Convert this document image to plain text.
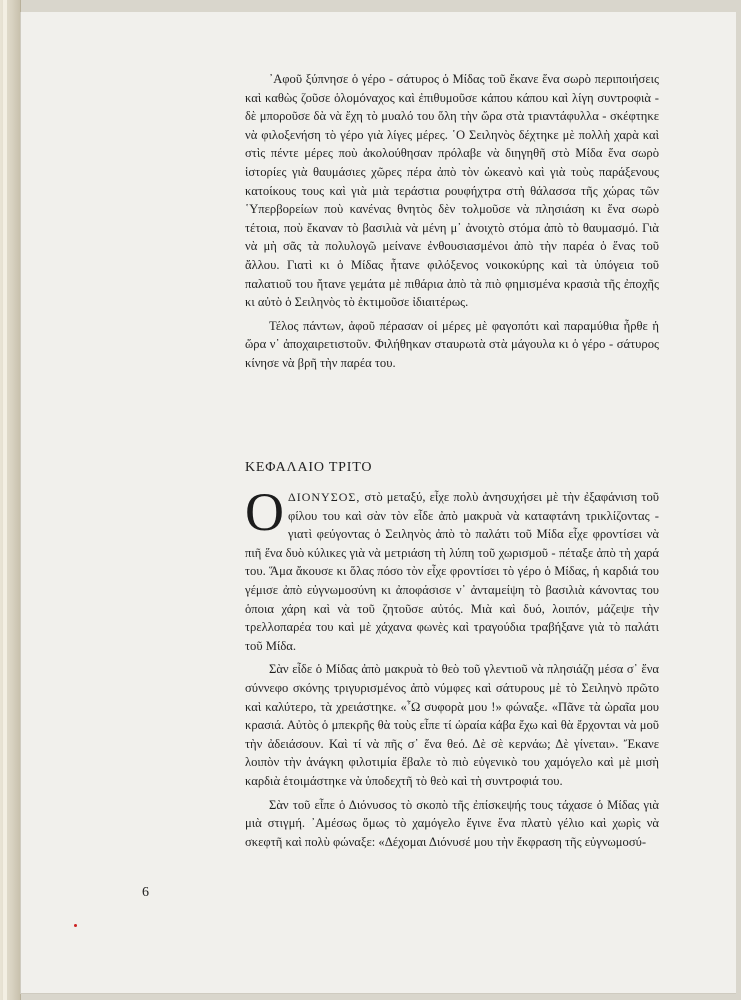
᾿Αφοῦ ξύπνησε ὁ γέρο - σάτυρος ὁ Μίδας τοῦ ἔκανε ἕνα σωρὸ περιποιήσεις καὶ καθὼς ζοῦσε ὁλομόναχος καὶ ἐπιθυμοῦσε κάπου κάπου καὶ λίγη συντροφιὰ - δὲ μποροῦσε δὰ νὰ ἔχη τὸ μυαλό του ὅλη τὴν ὥρα στὰ τριαντάφυλλα - σκέφτηκε νὰ φιλοξενήση τὸ γέρο γιὰ λίγες μέρες. ῾Ο Σειληνὸς δέχτηκε μὲ πολλὴ χαρὰ καὶ στὶς πέντε μέρες ποὺ ἀκολούθησαν πρόλαβε νὰ διηγηθῆ στὸ Μίδα ἕνα σωρὸ ἱστορίες γιὰ θαυμάσιες χῶρες πέρα ἀπὸ τὸν ὠκεανὸ καὶ γιὰ τοὺς παράξενους κατοίκους τους καὶ γιὰ μιὰ τεράστια ρουφήχτρα στὴ θάλασσα τῆς χώρας τῶν ῾Υπερβορείων ποὺ κανένας θνητὸς δὲν τολμοῦσε νὰ πλησιάση κι ἕνα σωρὸ τέτοια, ποὺ ἔκαναν τὸ βασιλιὰ νὰ μένη μ᾿ ἀνοιχτὸ στόμα ἀπὸ τὸ θαυμασμό. Γιὰ νὰ μὴ σᾶς τὰ πολυλογῶ μείνανε ἐνθουσιασμένοι ἀπὸ τὴν παρέα ὁ ἕνας τοῦ ἄλλου. Γιατὶ κι ὁ Μίδας ἦτανε φιλόξενος νοικοκύρης καὶ τὰ ὑπόγεια τοῦ παλατιοῦ του ἤτανε γεμάτα μὲ πιθάρια ἀπὸ τὰ πιὸ φημισμένα κρασιὰ τῆς ἐποχῆς κι αὐτὸ ὁ Σειληνὸς τὸ ἐκτιμοῦσε ἰδιαιτέρως.

Τέλος πάντων, ἀφοῦ πέρασαν οἱ μέρες μὲ φαγοπότι καὶ παραμύθια ἦρθε ἡ ὥρα ν᾿ ἀποχαιρετιστοῦν. Φιλήθηκαν σταυρωτὰ στὰ μάγουλα κι ὁ γέρο - σάτυρος κίνησε νὰ βρῆ τὴν παρέα του.

ΚΕΦΑΛΑΙΟ ΤΡΙΤΟ

ΟΔΙΟΝΥΣΟΣ, στὸ μεταξύ, εἶχε πολὺ ἀνησυχήσει μὲ τὴν ἐξαφάνιση τοῦ φίλου του καὶ σὰν τὸν εἶδε ἀπὸ μακρυὰ νὰ καταφτάνη τρικλίζοντας - γιατὶ φεύγοντας ὁ Σειληνὸς ἀπὸ τὸ παλάτι τοῦ Μίδα εἶχε φροντίσει νὰ πιῆ ἕνα δυὸ κύλικες γιὰ νὰ μετριάση τὴ λύπη τοῦ χωρισμοῦ - πέταξε ἀπὸ τὴ χαρά του. Ἅμα ἄκουσε κι ὅλας πόσο τὸν εἶχε φροντίσει τὸ γέρο ὁ Μίδας, ἡ καρδιά του γέμισε ἀπὸ εὐγνωμοσύνη κι ἀποφάσισε ν᾿ ἀνταμείψη τὸ βασιλιὰ κάνοντας του ὁποια χάρη καὶ νὰ τοῦ ζητοῦσε αὐτός. Μιὰ καὶ δυό, λοιπόν, μάζεψε τὴν τρελλοπαρέα του καὶ μὲ χάχανα φωνὲς καὶ τραγούδια τραβήξανε γιὰ τὸ παλάτι τοῦ Μίδα.

Σὰν εἶδε ὁ Μίδας ἀπὸ μακρυὰ τὸ θεὸ τοῦ γλεντιοῦ νὰ πλησιάζη μέσα σ᾿ ἕνα σύννεφο σκόνης τριγυρισμένος ἀπὸ νύμφες καὶ σάτυρους μὲ τὸ Σειληνὸ πρῶτο καὶ καλύτερο, τὰ χρειάστηκε. «῏Ω συφορὰ μου !» φώναξε. «Πᾶνε τὰ ὡραῖα μου κρασιά. Αὐτὸς ὁ μπεκρῆς θὰ τοὺς εἶπε τί ὡραία κάβα ἔχω καὶ θὰ ἔρχονται νὰ μοῦ τὴν ἀδειάσουν. Καὶ τί νὰ πῆς σ᾿ ἕνα θεό. Δὲ σὲ κερνάω; Δὲ γίνεται». Ἔκανε λοιπὸν τὴν ἀνάγκη φιλοτιμία ἔβαλε τὸ πιὸ εὐγενικὸ του χαμόγελο καὶ μὲ μισὴ καρδιὰ ἑτοιμάστηκε νὰ ὑποδεχτῆ τὸ θεὸ καὶ τὴ συντροφιά του.

Σὰν τοῦ εἶπε ὁ Διόνυσος τὸ σκοπὸ τῆς ἐπίσκεψής τους τάχασε ὁ Μίδας γιὰ μιὰ στιγμή. ᾿Αμέσως ὅμως τὸ χαμόγελο ἔγινε ἕνα πλατὺ γέλιο καὶ χωρὶς νὰ σκεφτῆ καὶ πολὺ φώναξε: «Δέχομαι Διόνυσέ μου τὴν ἔκφραση τῆς εὐγνωμοσύ-

6
